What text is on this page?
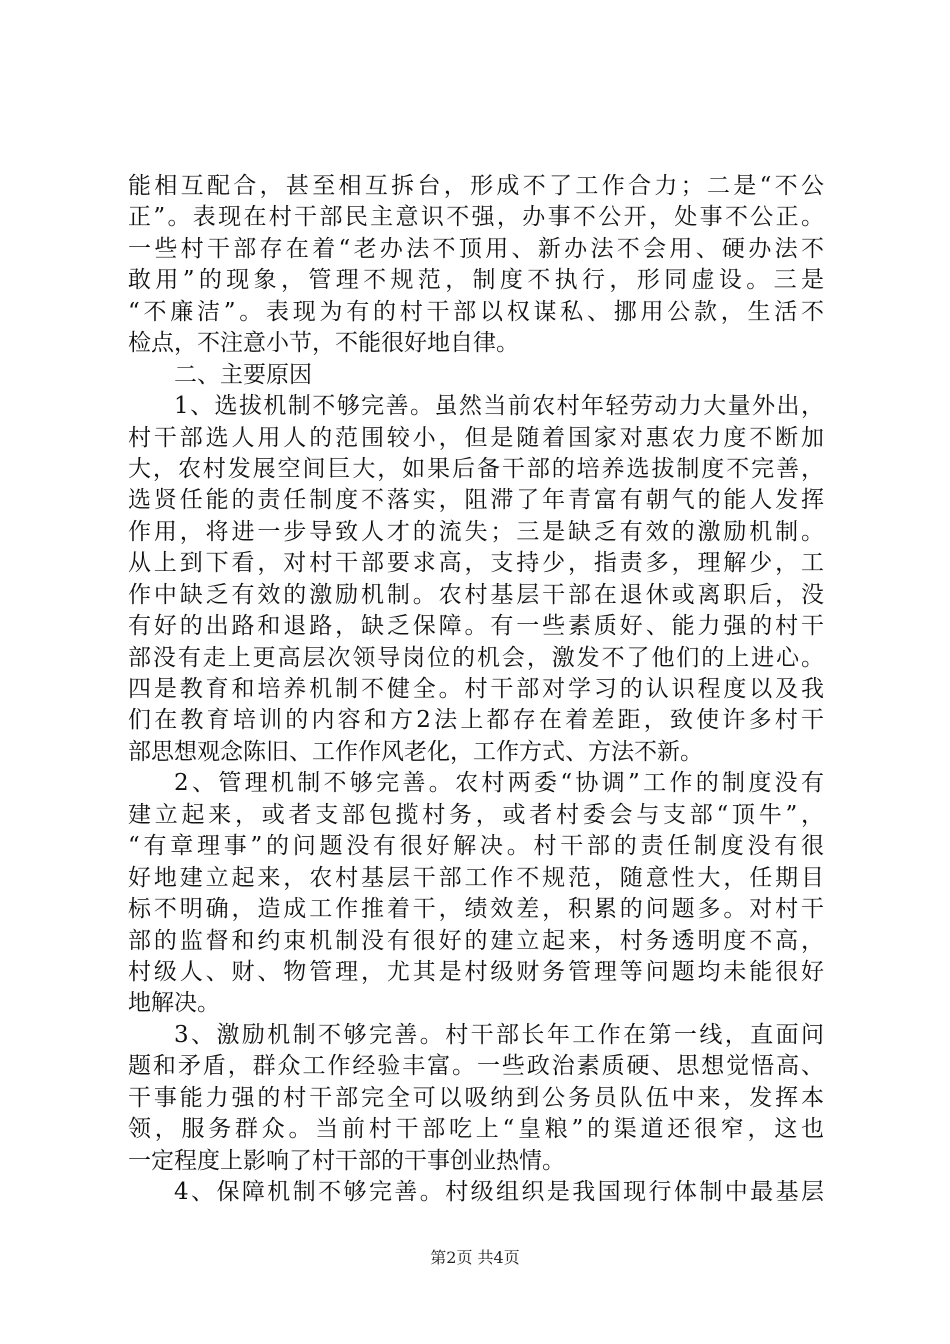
能相互配合，甚至相互拆台，形成不了工作合力；二是“不公
正”。表现在村干部民主意识不强，办事不公开，处事不公正。
一些村干部存在着“老办法不顶用、新办法不会用、硬办法不
敢用”的现象，管理不规范，制度不执行，形同虚设。三是
“不廉洁”。表现为有的村干部以权谋私、挪用公款，生活不
检点，不注意小节，不能很好地自律。
二、主要原因
1、选拔机制不够完善。虽然当前农村年轻劳动力大量外出，
村干部选人用人的范围较小，但是随着国家对惠农力度不断加
大，农村发展空间巨大，如果后备干部的培养选拔制度不完善，
选贤任能的责任制度不落实，阻滞了年青富有朝气的能人发挥
作用，将进一步导致人才的流失；三是缺乏有效的激励机制。
从上到下看，对村干部要求高，支持少，指责多，理解少，工
作中缺乏有效的激励机制。农村基层干部在退休或离职后，没
有好的出路和退路，缺乏保障。有一些素质好、能力强的村干
部没有走上更高层次领导岗位的机会，激发不了他们的上进心。
四是教育和培养机制不健全。村干部对学习的认识程度以及我
们在教育培训的内容和方2法上都存在着差距，致使许多村干
部思想观念陈旧、工作作风老化，工作方式、方法不新。
2、管理机制不够完善。农村两委“协调”工作的制度没有
建立起来，或者支部包揽村务，或者村委会与支部“顶牛”，
“有章理事”的问题没有很好解决。村干部的责任制度没有很
好地建立起来，农村基层干部工作不规范，随意性大，任期目
标不明确，造成工作推着干，绩效差，积累的问题多。对村干
部的监督和约束机制没有很好的建立起来，村务透明度不高，
村级人、财、物管理，尤其是村级财务管理等问题均未能很好
地解决。
3、激励机制不够完善。村干部长年工作在第一线，直面问
题和矛盾，群众工作经验丰富。一些政治素质硬、思想觉悟高、
干事能力强的村干部完全可以吸纳到公务员队伍中来，发挥本
领，服务群众。当前村干部吃上“皇粮”的渠道还很窄，这也
一定程度上影响了村干部的干事创业热情。
4、保障机制不够完善。村级组织是我国现行体制中最基层
第2页 共4页
